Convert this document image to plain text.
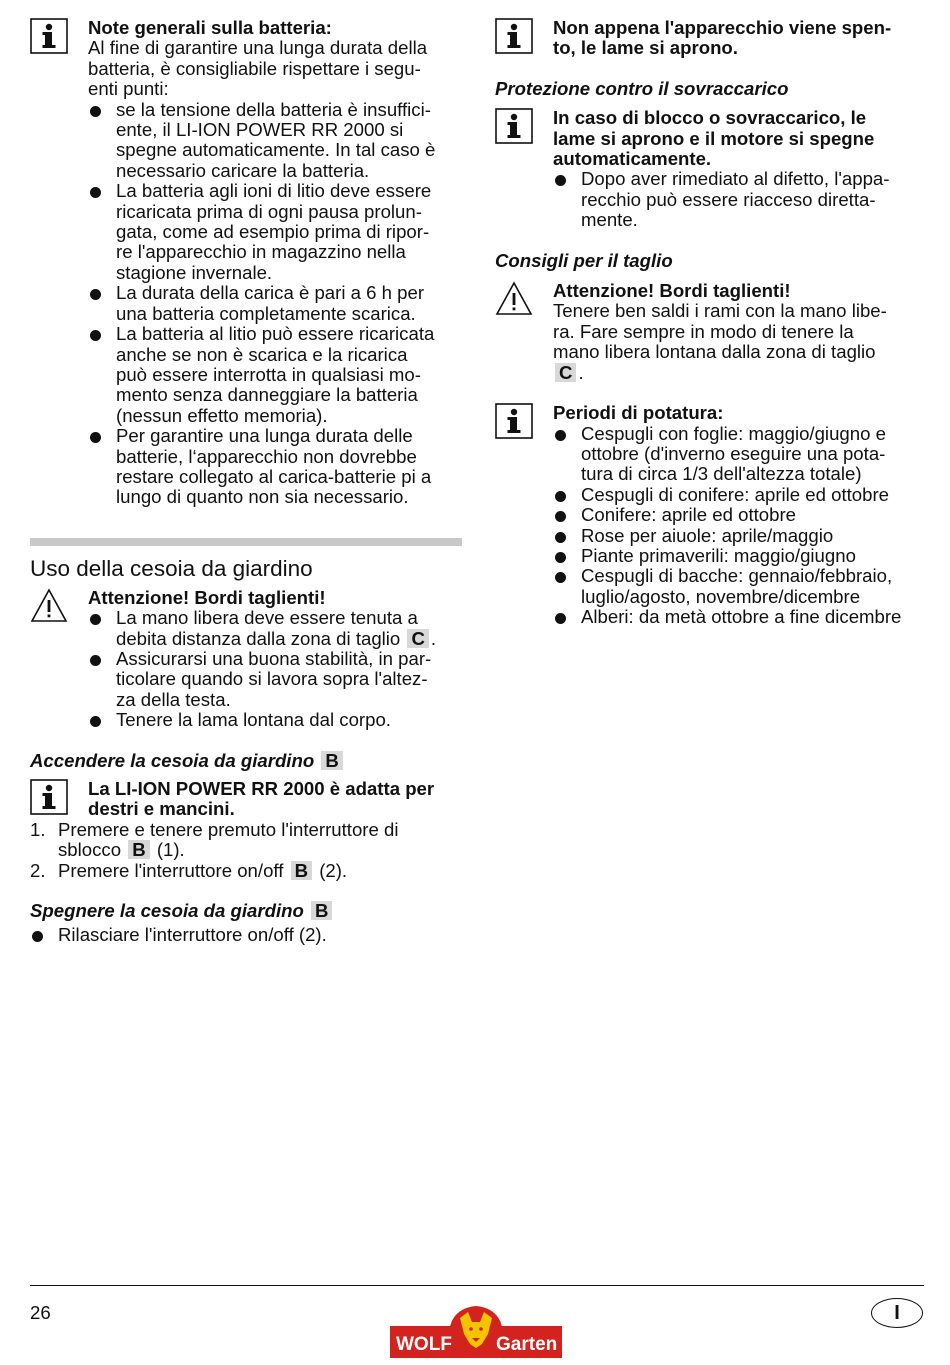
Note generali sulla batteria:
Al fine di garantire una lunga durata della
batteria, è consigliabile rispettare i segu-
enti punti:
se la tensione della batteria è insuffici-
ente, il LI-ION POWER RR 2000 si
spegne automaticamente. In tal caso è
necessario caricare la batteria.
La batteria agli ioni di litio deve essere
ricaricata prima di ogni pausa prolun-
gata, come ad esempio prima di ripor-
re l'apparecchio in magazzino nella
stagione invernale.
La durata della carica è pari a 6 h per
una batteria completamente scarica.
La batteria al litio può essere ricaricata
anche se non è scarica e la ricarica
può essere interrotta in qualsiasi mo-
mento senza danneggiare la batteria
(nessun effetto memoria).
Per garantire una lunga durata delle
batterie, l‘apparecchio non dovrebbe
restare collegato al carica-batterie pi a
lungo di quanto non sia necessario.
Uso della cesoia da giardino
Attenzione! Bordi taglienti!
La mano libera deve essere tenuta a
debita distanza dalla zona di taglio C .
Assicurarsi una buona stabilità, in par-
ticolare quando si lavora sopra l'altez-
za della testa.
Tenere la lama lontana dal corpo.
Accendere la cesoia da giardino B
La LI-ION POWER RR 2000 è adatta per
destri e mancini.
1. Premere e tenere premuto l'interruttore di
sblocco B (1).
2. Premere l'interruttore on/off B (2).
Spegnere la cesoia da giardino B
Rilasciare l'interruttore on/off (2).
Non appena l'apparecchio viene spen-
to, le lame si aprono.
Protezione contro il sovraccarico
In caso di blocco o sovraccarico, le
lame si aprono e il motore si spegne
automaticamente.
Dopo aver rimediato al difetto, l'appa-
recchio può essere riacceso diretta-
mente.
Consigli per il taglio
Attenzione! Bordi taglienti!
Tenere ben saldi i rami con la mano libe-
ra. Fare sempre in modo di tenere la
mano libera lontana dalla zona di taglio
C .
Periodi di potatura:
Cespugli con foglie: maggio/giugno e
ottobre (d'inverno eseguire una pota-
tura di circa 1/3 dell'altezza totale)
Cespugli di conifere: aprile ed ottobre
Conifere: aprile ed ottobre
Rose per aiuole: aprile/maggio
Piante primaverili: maggio/giugno
Cespugli di bacche: gennaio/febbraio,
luglio/agosto, novembre/dicembre
Alberi: da metà ottobre a fine dicembre
26	I
WOLF Garten
